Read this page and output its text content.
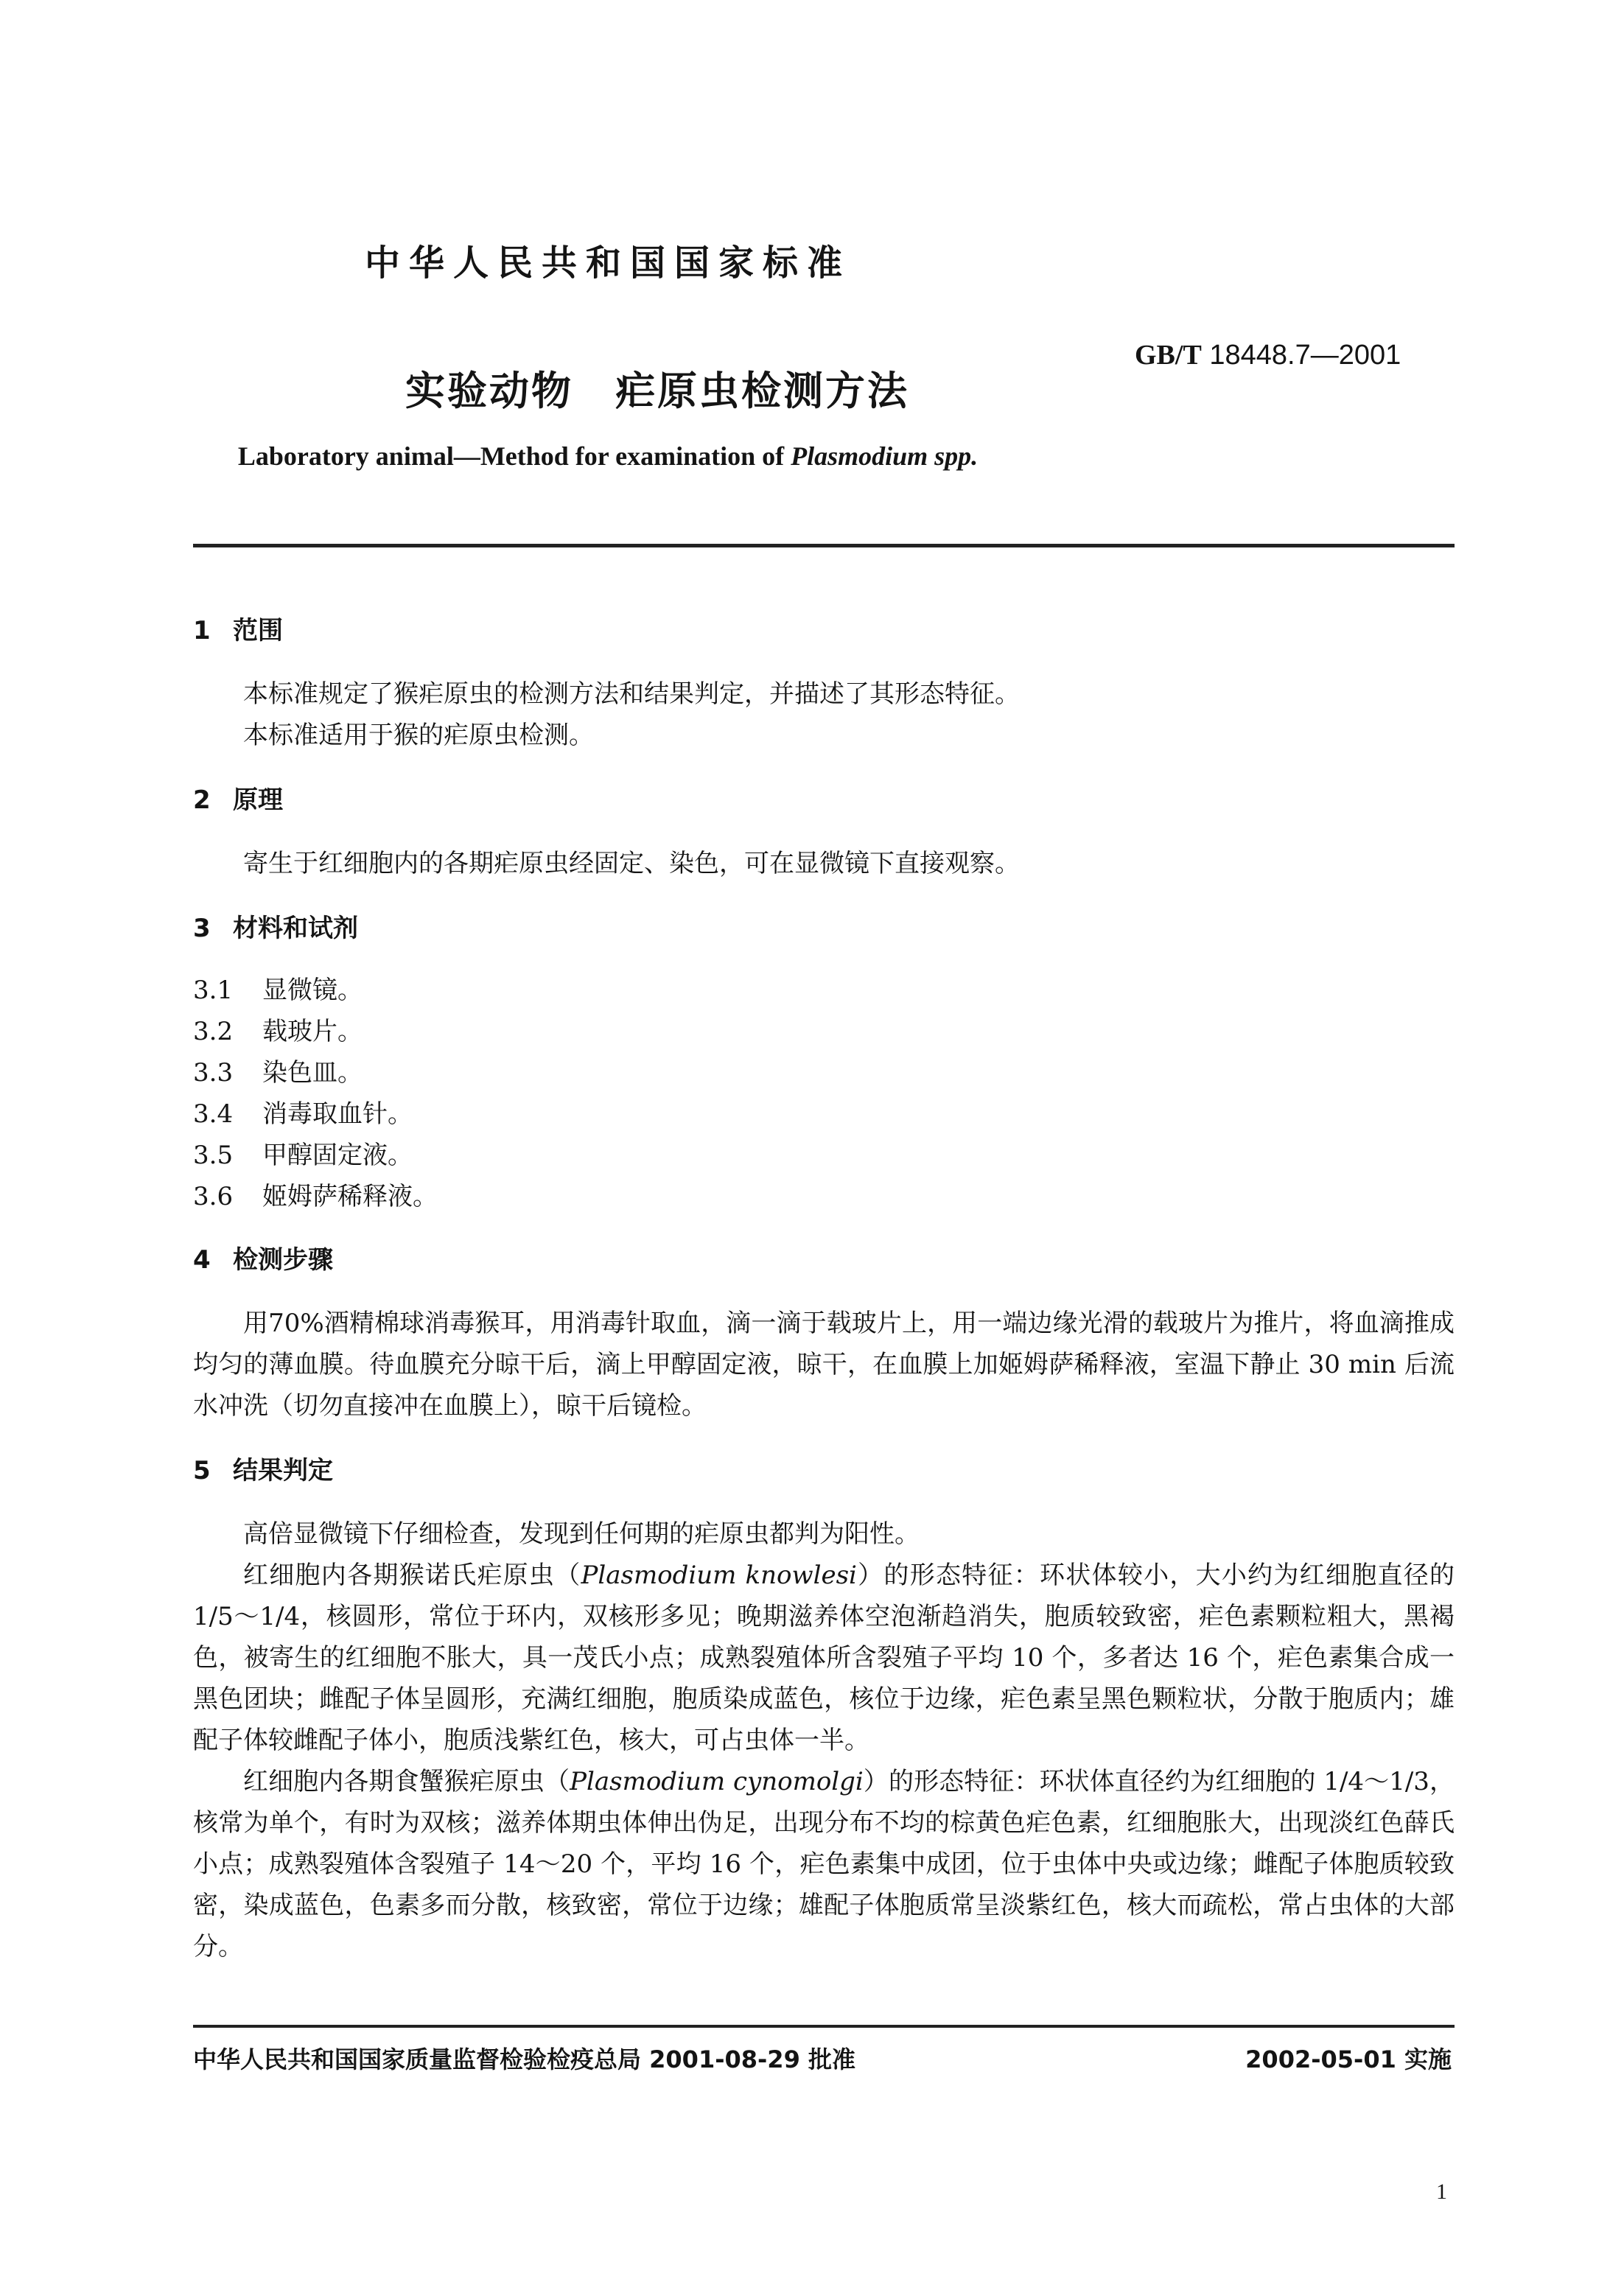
中华人民共和国国家标准
实验动物　疟原虫检测方法
GB/T 18448.7—2001
Laboratory animal—Method for examination of Plasmodium spp.
1 范围

本标准规定了猴疟原虫的检测方法和结果判定，并描述了其形态特征。

本标准适用于猴的疟原虫检测。

2 原理

寄生于红细胞内的各期疟原虫经固定、染色，可在显微镜下直接观察。

3 材料和试剂
3.1 显微镜。
3.2 载玻片。
3.3 染色皿。
3.4 消毒取血针。
3.5 甲醇固定液。
3.6 姬姆萨稀释液。
4 检测步骤

用70%酒精棉球消毒猴耳，用消毒针取血，滴一滴于载玻片上，用一端边缘光滑的载玻片为推片，将血滴推成均匀的薄血膜。待血膜充分晾干后，滴上甲醇固定液，晾干，在血膜上加姬姆萨稀释液，室温下静止 30 min 后流水冲洗（切勿直接冲在血膜上），晾干后镜检。

5 结果判定

高倍显微镜下仔细检查，发现到任何期的疟原虫都判为阳性。

红细胞内各期猴诺氏疟原虫（Plasmodium knowlesi）的形态特征：环状体较小，大小约为红细胞直径的 1/5～1/4，核圆形，常位于环内，双核形多见；晚期滋养体空泡渐趋消失，胞质较致密，疟色素颗粒粗大，黑褐色，被寄生的红细胞不胀大，具一茂氏小点；成熟裂殖体所含裂殖子平均 10 个，多者达 16 个，疟色素集合成一黑色团块；雌配子体呈圆形，充满红细胞，胞质染成蓝色，核位于边缘，疟色素呈黑色颗粒状，分散于胞质内；雄配子体较雌配子体小，胞质浅紫红色，核大，可占虫体一半。

红细胞内各期食蟹猴疟原虫（Plasmodium cynomolgi）的形态特征：环状体直径约为红细胞的 1/4～1/3，核常为单个，有时为双核；滋养体期虫体伸出伪足，出现分布不均的棕黄色疟色素，红细胞胀大，出现淡红色薛氏小点；成熟裂殖体含裂殖子 14～20 个，平均 16 个，疟色素集中成团，位于虫体中央或边缘；雌配子体胞质较致密，染成蓝色，色素多而分散，核致密，常位于边缘；雄配子体胞质常呈淡紫红色，核大而疏松，常占虫体的大部分。

中华人民共和国国家质量监督检验检疫总局 2001-08-29 批准	2002-05-01 实施
1
